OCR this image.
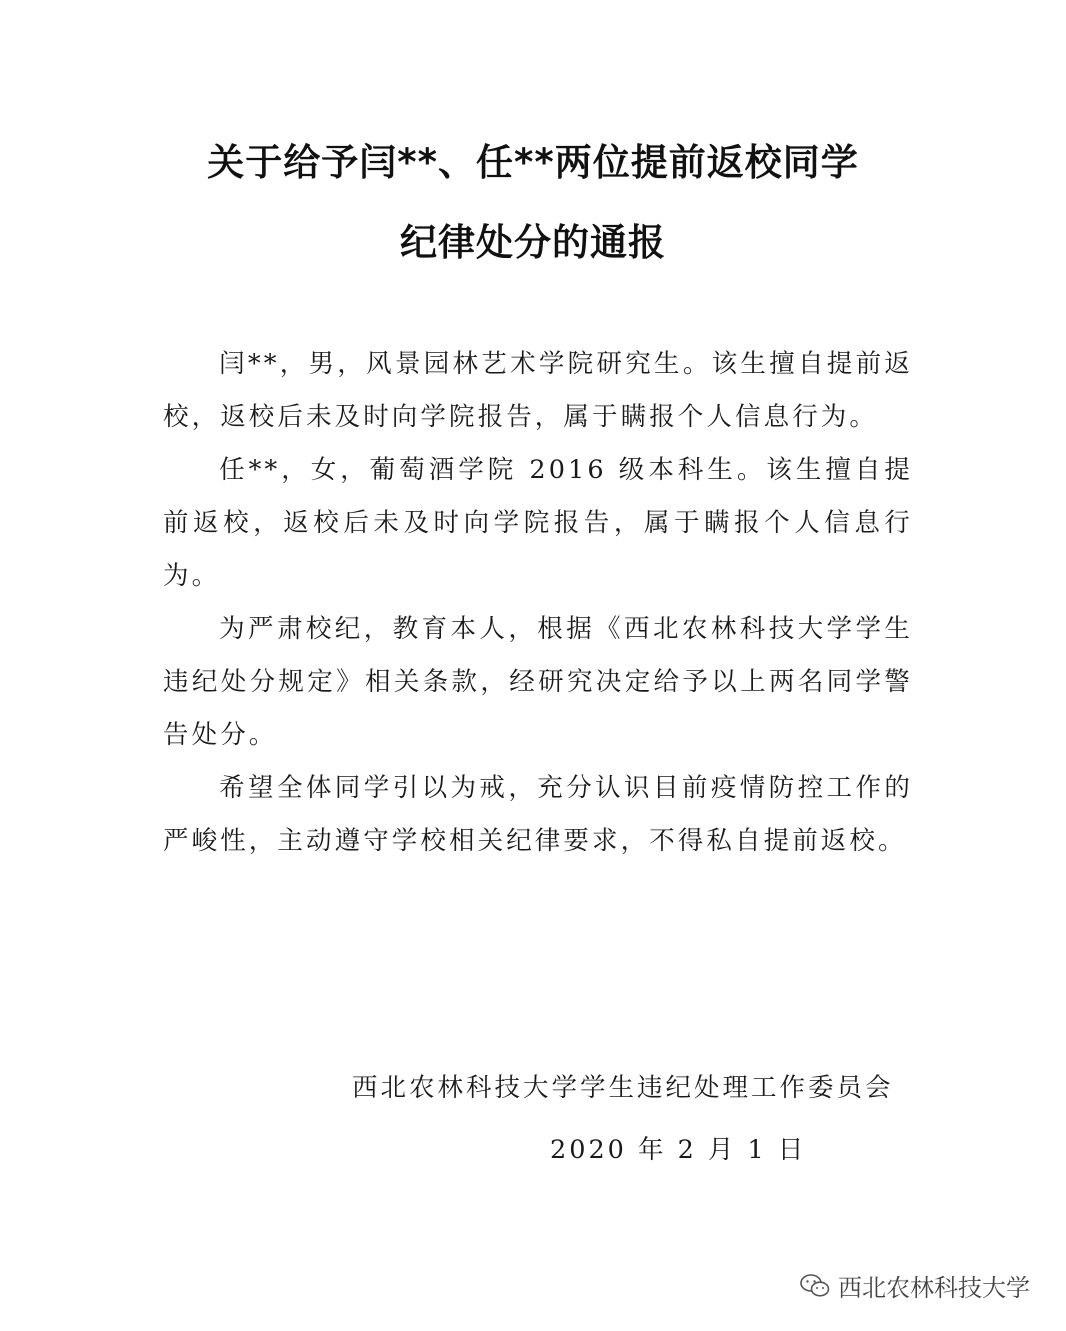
关于给予闫**、任**两位提前返校同学
纪律处分的通报

闫**，男，风景园林艺术学院研究生。该生擅自提前返校，返校后未及时向学院报告，属于瞒报个人信息行为。

任**，女，葡萄酒学院 2016 级本科生。该生擅自提前返校，返校后未及时向学院报告，属于瞒报个人信息行为。

为严肃校纪，教育本人，根据《西北农林科技大学学生违纪处分规定》相关条款，经研究决定给予以上两名同学警告处分。

希望全体同学引以为戒，充分认识目前疫情防控工作的严峻性，主动遵守学校相关纪律要求，不得私自提前返校。

西北农林科技大学学生违纪处理工作委员会
2020 年 2 月 1 日
西北农林科技大学
